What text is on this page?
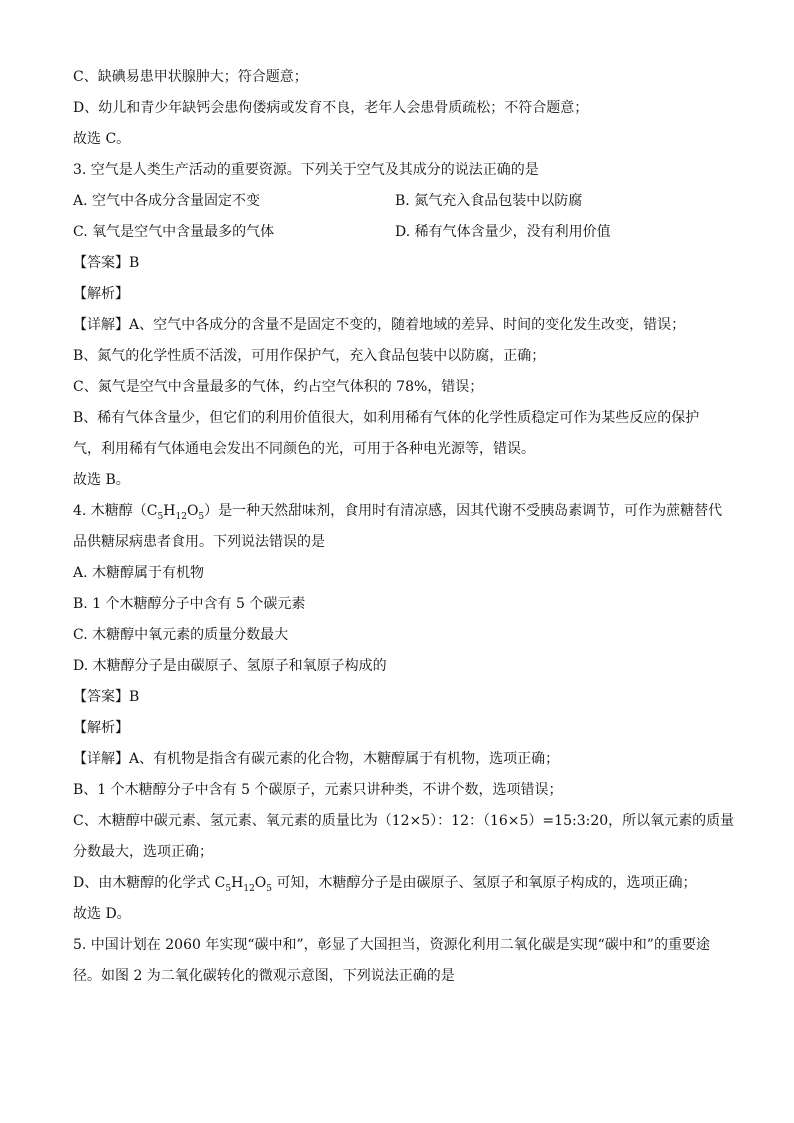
C、缺碘易患甲状腺肿大；符合题意；
D、幼儿和青少年缺钙会患佝偻病或发育不良，老年人会患骨质疏松；不符合题意；
故选 C。
3. 空气是人类生产活动的重要资源。下列关于空气及其成分的说法正确的是
A. 空气中各成分含量固定不变	B. 氮气充入食品包装中以防腐
C. 氧气是空气中含量最多的气体	D. 稀有气体含量少，没有利用价值
【答案】B
【解析】
【详解】A、空气中各成分的含量不是固定不变的，随着地域的差异、时间的变化发生改变，错误；
B、氮气的化学性质不活泼，可用作保护气，充入食品包装中以防腐，正确；
C、氮气是空气中含量最多的气体，约占空气体积的 78%，错误；
B、稀有气体含量少，但它们的利用价值很大，如利用稀有气体的化学性质稳定可作为某些反应的保护
气，利用稀有气体通电会发出不同颜色的光，可用于各种电光源等，错误。
故选 B。
4. 木糖醇$(C_5H_{12}O_5)$是一种天然甜味剂，食用时有清凉感，因其代谢不受胰岛素调节，可作为蔗糖替代
品供糖尿病患者食用。下列说法错误的是
A. 木糖醇属于有机物
B. 1 个木糖醇分子中含有 5 个碳元素
C. 木糖醇中氧元素的质量分数最大
D. 木糖醇分子是由碳原子、氢原子和氧原子构成的
【答案】B
【解析】
【详解】A、有机物是指含有碳元素的化合物，木糖醇属于有机物，选项正确；
B、1 个木糖醇分子中含有 5 个碳原子，元素只讲种类，不讲个数，选项错误；
C、木糖醇中碳元素、氢元素、氧元素的质量比为（12×5）：12：（16×5）=15:3:20，所以氧元素的质量
分数最大，选项正确；
D、由木糖醇的化学式 $C_5H_{12}O_5$ 可知，木糖醇分子是由碳原子、氢原子和氧原子构成的，选项正确；
故选 D。
5. 中国计划在 2060 年实现“碳中和”，彰显了大国担当，资源化利用二氧化碳是实现“碳中和”的重要途
径。如图 2 为二氧化碳转化的微观示意图，下列说法正确的是
